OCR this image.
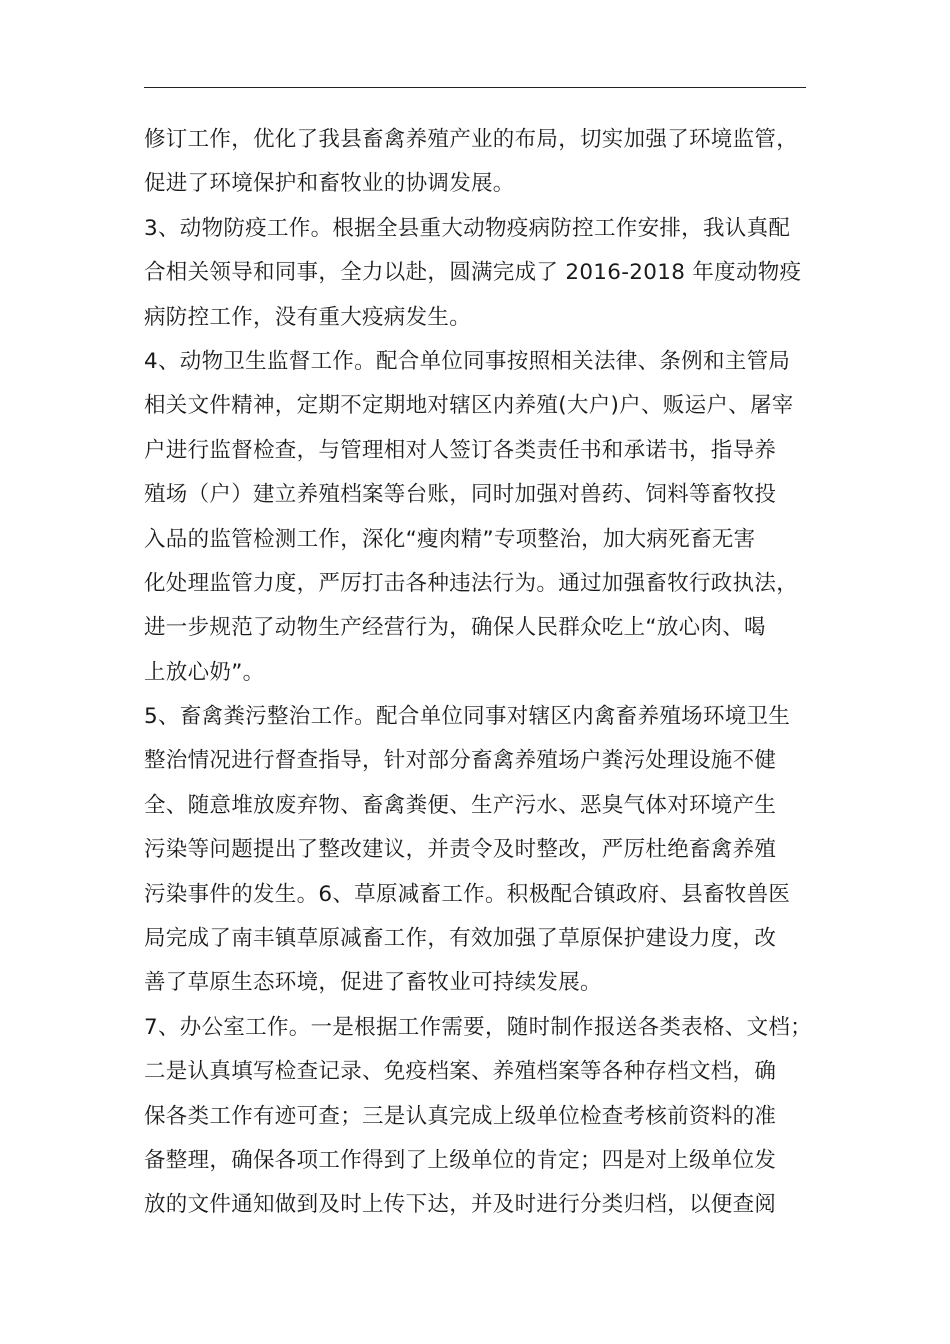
修订工作，优化了我县畜禽养殖产业的布局，切实加强了环境监管，
促进了环境保护和畜牧业的协调发展。
3、动物防疫工作。根据全县重大动物疫病防控工作安排，我认真配
合相关领导和同事，全力以赴，圆满完成了 2016-2018 年度动物疫
病防控工作，没有重大疫病发生。
4、动物卫生监督工作。配合单位同事按照相关法律、条例和主管局
相关文件精神，定期不定期地对辖区内养殖(大户)户、贩运户、屠宰
户进行监督检查，与管理相对人签订各类责任书和承诺书，指导养
殖场（户）建立养殖档案等台账，同时加强对兽药、饲料等畜牧投
入品的监管检测工作，深化“瘦肉精”专项整治，加大病死畜无害
化处理监管力度，严厉打击各种违法行为。通过加强畜牧行政执法，
进一步规范了动物生产经营行为，确保人民群众吃上“放心肉、喝
上放心奶”。
5、畜禽粪污整治工作。配合单位同事对辖区内禽畜养殖场环境卫生
整治情况进行督查指导，针对部分畜禽养殖场户粪污处理设施不健
全、随意堆放废弃物、畜禽粪便、生产污水、恶臭气体对环境产生
污染等问题提出了整改建议，并责令及时整改，严厉杜绝畜禽养殖
污染事件的发生。6、草原减畜工作。积极配合镇政府、县畜牧兽医
局完成了南丰镇草原减畜工作，有效加强了草原保护建设力度，改
善了草原生态环境，促进了畜牧业可持续发展。
7、办公室工作。一是根据工作需要，随时制作报送各类表格、文档；
二是认真填写检查记录、免疫档案、养殖档案等各种存档文档，确
保各类工作有迹可查；三是认真完成上级单位检查考核前资料的准
备整理，确保各项工作得到了上级单位的肯定；四是对上级单位发
放的文件通知做到及时上传下达，并及时进行分类归档，以便查阅
